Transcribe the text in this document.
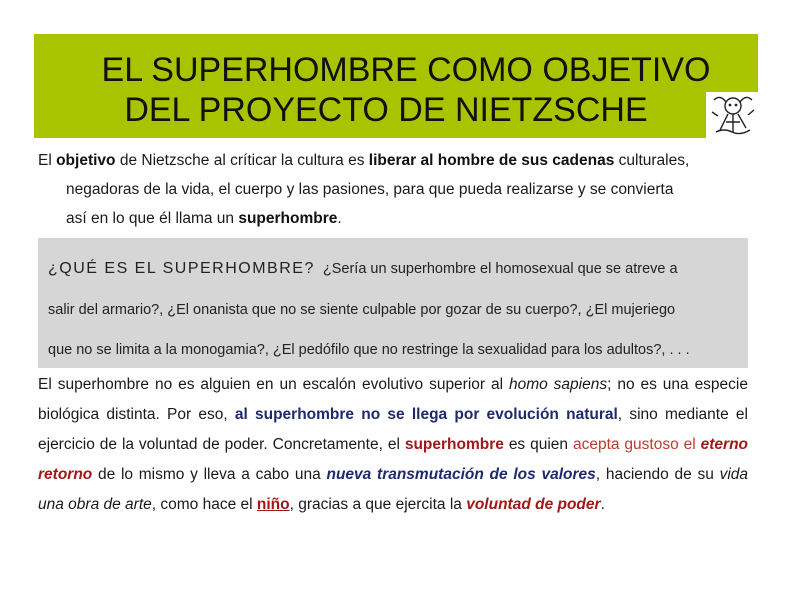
EL SUPERHOMBRE COMO OBJETIVO
DEL PROYECTO DE NIETZSCHE
El objetivo de Nietzsche al críticar la cultura es liberar al hombre de sus cadenas culturales,
negadoras de la vida, el cuerpo y las pasiones, para que pueda realizarse y se convierta
así en lo que él llama un superhombre.
¿QUÉ ES EL SUPERHOMBRE? ¿Sería un superhombre el homosexual que se atreve a
salir del armario?, ¿El onanista que no se siente culpable por gozar de su cuerpo?, ¿El mujeriego
que no se limita a la monogamia?, ¿El pedófilo que no restringe la sexualidad para los adultos?, . . .
El superhombre no es alguien en un escalón evolutivo superior al homo sapiens; no es una especie biológica distinta. Por eso, al superhombre no se llega por evolución natural, sino mediante el ejercicio de la voluntad de poder. Concretamente, el superhombre es quien acepta gustoso el eterno retorno de lo mismo y lleva a cabo una nueva transmutación de los valores, haciendo de su vida una obra de arte, como hace el niño, gracias a que ejercita la voluntad de poder.
